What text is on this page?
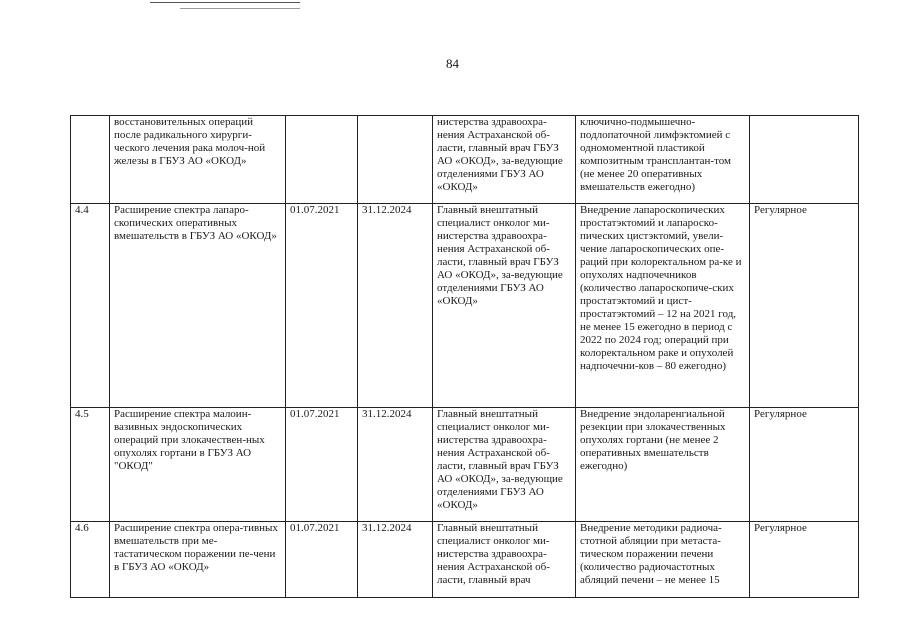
84
	восстановительных операций после радикального хирурги-ческого лечения рака молоч-ной железы в ГБУЗ АО «ОКОД»			нистерства здравоохра-нения Астраханской об-ласти, главный врач ГБУЗ АО «ОКОД», за-ведующие отделениями ГБУЗ АО «ОКОД»	ключично-подмышечно-подлопаточной лимфэктомией с одномоментной пластикой композитным трансплантан-том (не менее 20 оперативных вмешательств ежегодно)	
4.4	Расширение спектра лапаро-скопических оперативных вмешательств в ГБУЗ АО «ОКОД»	01.07.2021	31.12.2024	Главный внештатный специалист онколог ми-нистерства здравоохра-нения Астраханской об-ласти, главный врач ГБУЗ АО «ОКОД», за-ведующие отделениями ГБУЗ АО «ОКОД»	Внедрение лапароскопических простатэктомий и лапароско-пических цистэктомий, увели-чение лапароскопических опе-раций при колоректальном ра-ке и опухолях надпочечников (количество лапароскопиче-ских простатэктомий и цист-простатэктомий – 12 на 2021 год, не менее 15 ежегодно в период с 2022 по 2024 год; операций при колоректальном раке и опухолей надпочечни-ков – 80 ежегодно)	Регулярное
4.5	Расширение спектра малоин-вазивных эндоскопических операций при злокачествен-ных опухолях гортани в ГБУЗ АО "ОКОД"	01.07.2021	31.12.2024	Главный внештатный специалист онколог ми-нистерства здравоохра-нения Астраханской об-ласти, главный врач ГБУЗ АО «ОКОД», за-ведующие отделениями ГБУЗ АО «ОКОД»	Внедрение эндоларенгиальной резекции при злокачественных опухолях гортани (не менее 2 оперативных вмешательств ежегодно)	Регулярное
4.6	Расширение спектра опера-тивных вмешательств при ме-тастатическом поражении пе-чени в ГБУЗ АО «ОКОД»	01.07.2021	31.12.2024	Главный внештатный специалист онколог ми-нистерства здравоохра-нения Астраханской об-ласти, главный врач	Внедрение методики радиоча-стотной абляции при метаста-тическом поражении печени (количество радиочастотных абляций печени – не менее 15	Регулярное
